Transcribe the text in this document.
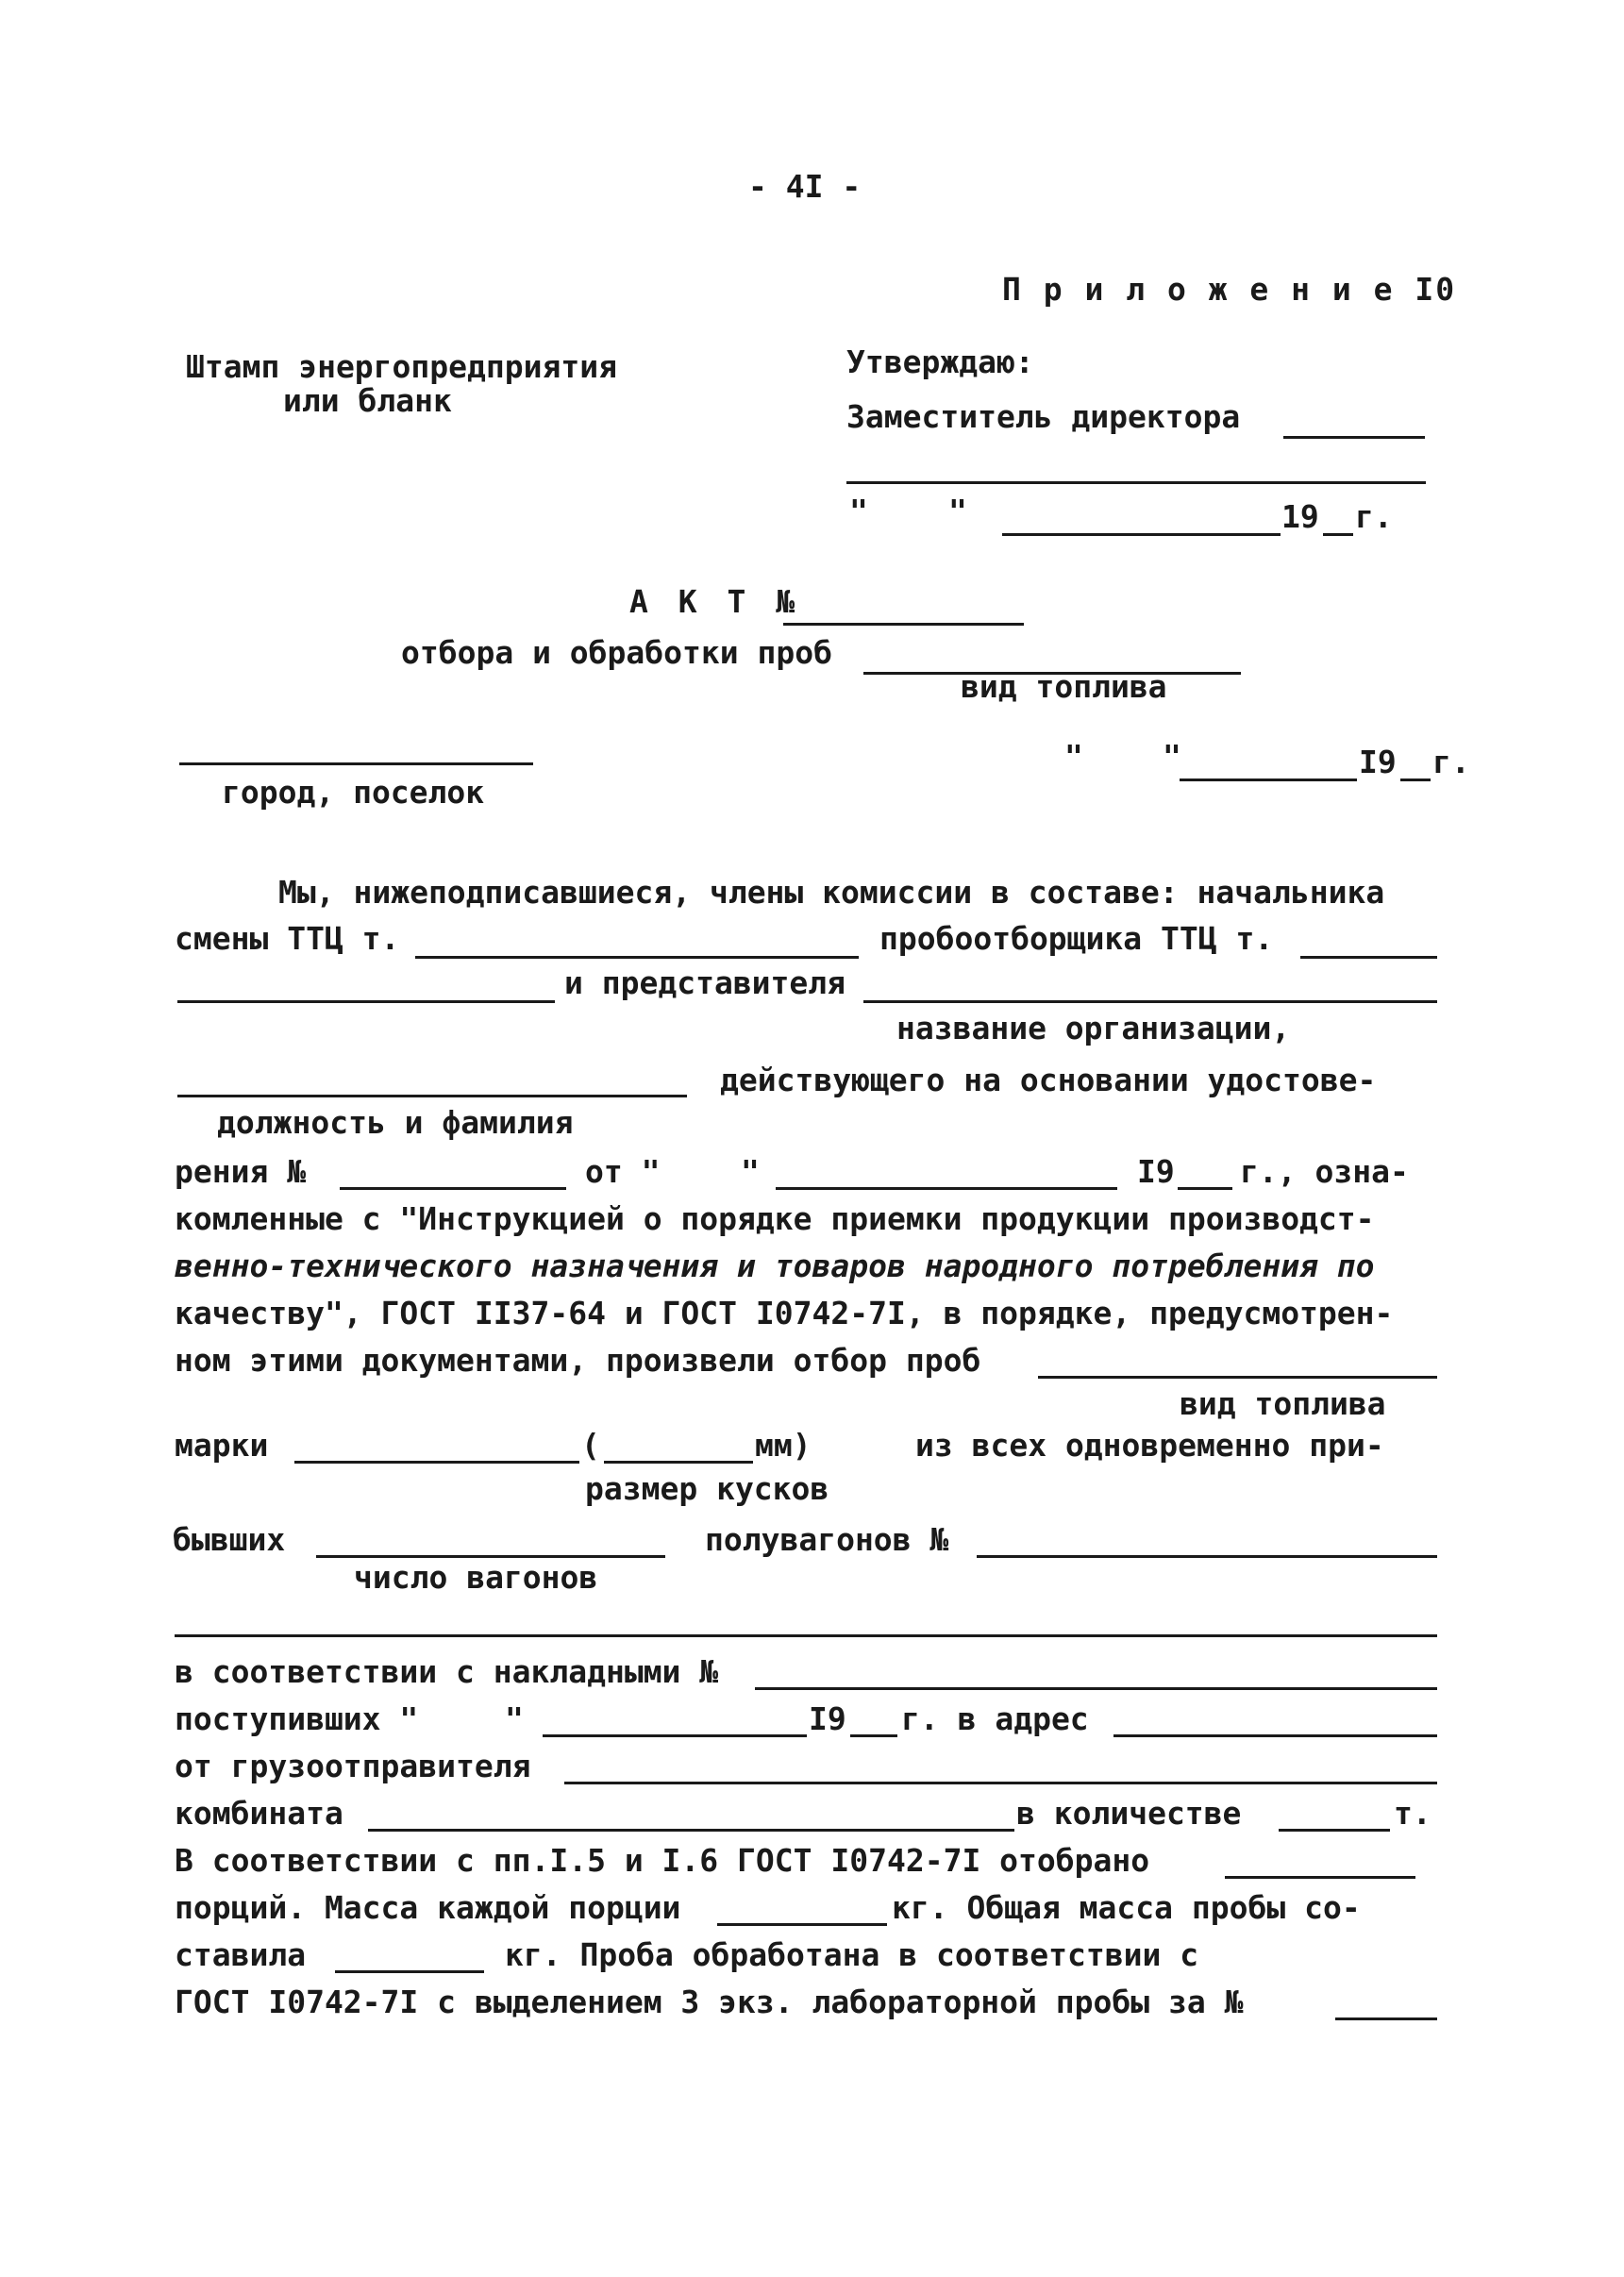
- 4I -
П р и л о ж е н и е I0
Штамп энергопредприятия
или бланк
Утверждаю:
Заместитель директора
"	"	19 г.
А К Т №
отбора и обработки проб
вид топлива
город, поселок
"	"	I9 г.
Мы, нижеподписавшиеся, члены комиссии в составе: начальника
смены ТТЦ т.	пробоотборщика ТТЦ т.
и представителя
название организации,
действующего на основании удостове-
должность и фамилия
рения №	от "	"	I9 г., озна-
комленные с "Инструкцией о порядке приемки продукции производст-
венно-технического назначения и товаров народного потребления по
качеству", ГОСТ II37-64 и ГОСТ I0742-7I, в порядке, предусмотрен-
ном этими документами, произвели отбор проб
вид топлива
марки	(	мм)	из всех одновременно при-
размер кусков
бывших	полувагонов №
число вагонов
в соответствии с накладными №
поступивших "	"	I9 г. в адрес
от грузоотправителя
комбината	в количестве	т.
В соответствии с пп.I.5 и I.6 ГОСТ I0742-7I отобрано
порций. Масса каждой порции	кг. Общая масса пробы со-
ставила	кг. Проба обработана в соответствии с
ГОСТ I0742-7I с выделением 3 экз. лабораторной пробы за №
